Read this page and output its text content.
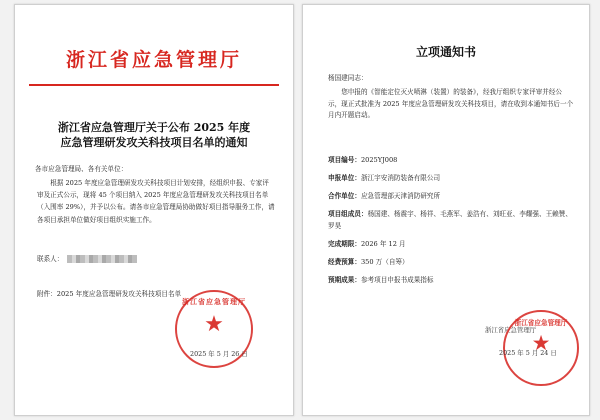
浙江省应急管理厅
浙江省应急管理厅关于公布 2025 年度
应急管理研发攻关科技项目名单的通知
各市应急管理局、各有关单位：
根据 2025 年度应急管理研发攻关科技项目计划安排，经组织申报、专家评审及正式公示，现将 45 个项目纳入 2025 年度应急管理研发攻关科技项目名单（入围率 29%），并予以公布。请各市应急管理局协助做好项目指导服务工作，请各项目承担单位做好项目组织实施工作。
联系人：
附件：2025 年度应急管理研发攻关科技项目名单
浙江省应急管理厅
★
2025 年 5 月 26 日
立项通知书
杨国建同志：
您申报的《智能定位灭火喷淋（装置）的装备》，经我厅组织专家评审并经公示，现正式批准为 2025 年度应急管理研发攻关科技项目，请在收到本通知书后一个月内开题启动。
项目编号：2025YJ008
申报单位：浙江宇安消防装备有限公司
合作单位：应急管理部天津消防研究所
项目组成员：杨国建、杨震宇、杨祥、毛燕军、姜浩有、刘旺亚、李耀强、王赖赞、罗昊
完成期限：2026 年 12 月
经费预算：350 万（自筹）
预期成果：参考项目申报书成果指标
浙江省应急管理厅
浙江省应急管理厅
★
2025 年 5 月 24 日
